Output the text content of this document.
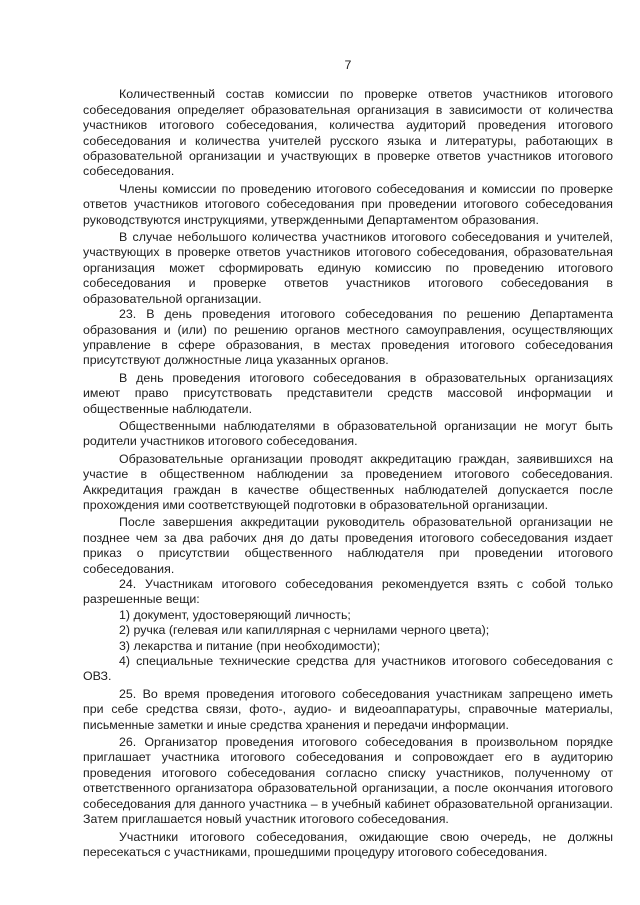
7

Количественный состав комиссии по проверке ответов участников итогового собеседования определяет образовательная организация в зависимости от количества участников итогового собеседования, количества аудиторий проведения итогового собеседования и количества учителей русского языка и литературы, работающих в образовательной организации и участвующих в проверке ответов участников итогового собеседования.

Члены комиссии по проведению итогового собеседования и комиссии по проверке ответов участников итогового собеседования при проведении итогового собеседования руководствуются инструкциями, утвержденными Департаментом образования.

В случае небольшого количества участников итогового собеседования и учителей, участвующих в проверке ответов участников итогового собеседования, образовательная организация может сформировать единую комиссию по проведению итогового собеседования и проверке ответов участников итогового собеседования в образовательной организации.

23. В день проведения итогового собеседования по решению Департамента образования и (или) по решению органов местного самоуправления, осуществляющих управление в сфере образования, в местах проведения итогового собеседования присутствуют должностные лица указанных органов.

В день проведения итогового собеседования в образовательных организациях имеют право присутствовать представители средств массовой информации и общественные наблюдатели.

Общественными наблюдателями в образовательной организации не могут быть родители участников итогового собеседования.

Образовательные организации проводят аккредитацию граждан, заявившихся на участие в общественном наблюдении за проведением итогового собеседования. Аккредитация граждан в качестве общественных наблюдателей допускается после прохождения ими соответствующей подготовки в образовательной организации.

После завершения аккредитации руководитель образовательной организации не позднее чем за два рабочих дня до даты проведения итогового собеседования издает приказ о присутствии общественного наблюдателя при проведении итогового собеседования.

24. Участникам итогового собеседования рекомендуется взять с собой только разрешенные вещи:

1) документ, удостоверяющий личность;
2) ручка (гелевая или капиллярная с чернилами черного цвета);
3) лекарства и питание (при необходимости);

4) специальные технические средства для участников итогового собеседования с ОВЗ.

25. Во время проведения итогового собеседования участникам запрещено иметь при себе средства связи, фото-, аудио- и видеоаппаратуры, справочные материалы, письменные заметки и иные средства хранения и передачи информации.

26. Организатор проведения итогового собеседования в произвольном порядке приглашает участника итогового собеседования и сопровождает его в аудиторию проведения итогового собеседования согласно списку участников, полученному от ответственного организатора образовательной организации, а после окончания итогового собеседования для данного участника – в учебный кабинет образовательной организации. Затем приглашается новый участник итогового собеседования.

Участники итогового собеседования, ожидающие свою очередь, не должны пересекаться с участниками, прошедшими процедуру итогового собеседования.
